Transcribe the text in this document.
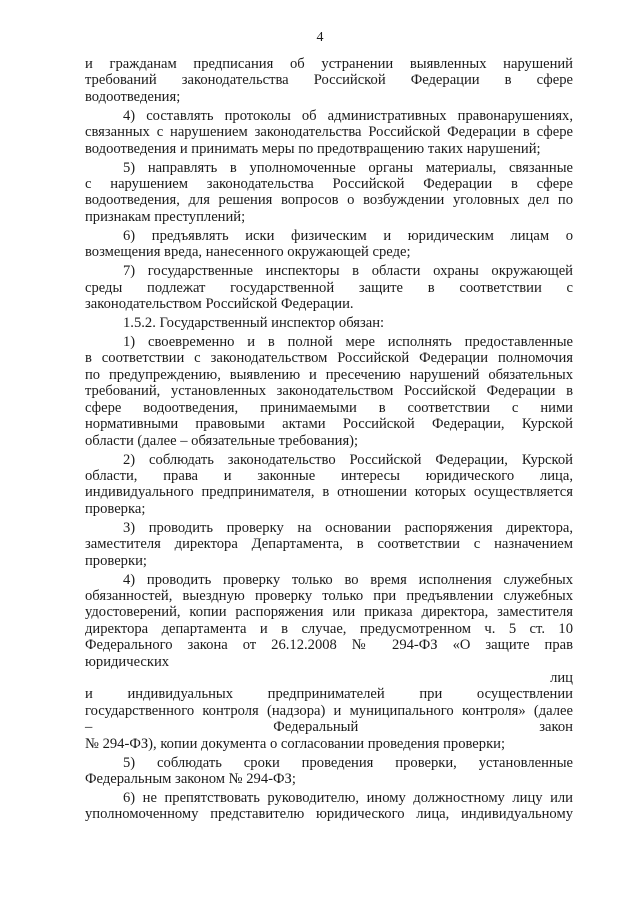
4
и гражданам предписания об устранении выявленных нарушений
требований законодательства Российской Федерации в сфере
водоотведения;
4) составлять протоколы об административных правонарушениях,
связанных с нарушением законодательства Российской Федерации в сфере
водоотведения и принимать меры по предотвращению таких нарушений;
5) направлять в уполномоченные органы материалы, связанные
с нарушением законодательства Российской Федерации в сфере
водоотведения, для решения вопросов о возбуждении уголовных дел по
признакам преступлений;
6) предъявлять иски физическим и юридическим лицам о
возмещения вреда, нанесенного окружающей среде;
7) государственные инспекторы в области охраны окружающей
среды подлежат государственной защите в соответствии с
законодательством Российской Федерации.
1.5.2. Государственный инспектор обязан:
1) своевременно и в полной мере исполнять предоставленные
в соответствии с законодательством Российской Федерации полномочия
по предупреждению, выявлению и пресечению нарушений обязательных
требований, установленных законодательством Российской Федерации в
сфере водоотведения, принимаемыми в соответствии с ними
нормативными правовыми актами Российской Федерации, Курской
области (далее – обязательные требования);
2) соблюдать законодательство Российской Федерации, Курской
области, права и законные интересы юридического лица,
индивидуального предпринимателя, в отношении которых осуществляется
проверка;
3) проводить проверку на основании распоряжения директора,
заместителя директора Департамента, в соответствии с назначением
проверки;
4) проводить проверку только во время исполнения служебных
обязанностей, выездную проверку только при предъявлении служебных
удостоверений, копии распоряжения или приказа директора, заместителя
директора департамента и в случае, предусмотренном ч. 5 ст. 10
Федерального закона от 26.12.2008 № 294-ФЗ «О защите прав
юридических
лиц
и индивидуальных предпринимателей при осуществлении
государственного контроля (надзора) и муниципального контроля» (далее
– Федеральный закон
№ 294-ФЗ), копии документа о согласовании проведения проверки;
5) соблюдать сроки проведения проверки, установленные
Федеральным законом № 294-ФЗ;
6) не препятствовать руководителю, иному должностному лицу или
уполномоченному представителю юридического лица, индивидуальному
